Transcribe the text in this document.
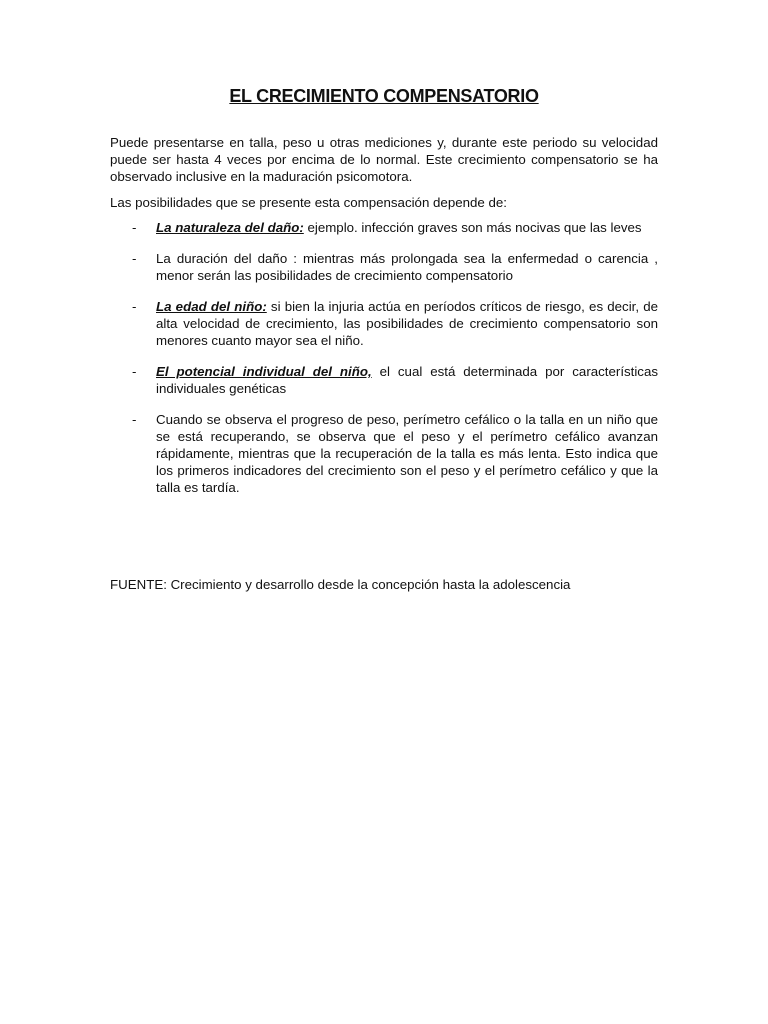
EL CRECIMIENTO COMPENSATORIO

Puede presentarse en talla, peso u otras mediciones y, durante este periodo su velocidad puede ser hasta 4 veces por encima de lo normal. Este crecimiento compensatorio se ha observado inclusive en la maduración psicomotora.

Las posibilidades que se presente esta compensación depende de:

- La naturaleza del daño: ejemplo. infección graves son más nocivas que las leves
- La duración del daño : mientras más prolongada sea la enfermedad o carencia , menor serán las posibilidades de crecimiento compensatorio
- La edad del niño: si bien la injuria actúa en períodos críticos de riesgo, es decir, de alta velocidad de crecimiento, las posibilidades de crecimiento compensatorio son menores cuanto mayor sea el niño.
- El potencial individual del niño, el cual está determinada por características individuales genéticas
- Cuando se observa el progreso de peso, perímetro cefálico o la talla en un niño que se está recuperando, se observa que el peso y el perímetro cefálico avanzan rápidamente, mientras que la recuperación de la talla es más lenta. Esto indica que los primeros indicadores del crecimiento son el peso y el perímetro cefálico y que la talla es tardía.

FUENTE: Crecimiento y desarrollo desde la concepción hasta la adolescencia
